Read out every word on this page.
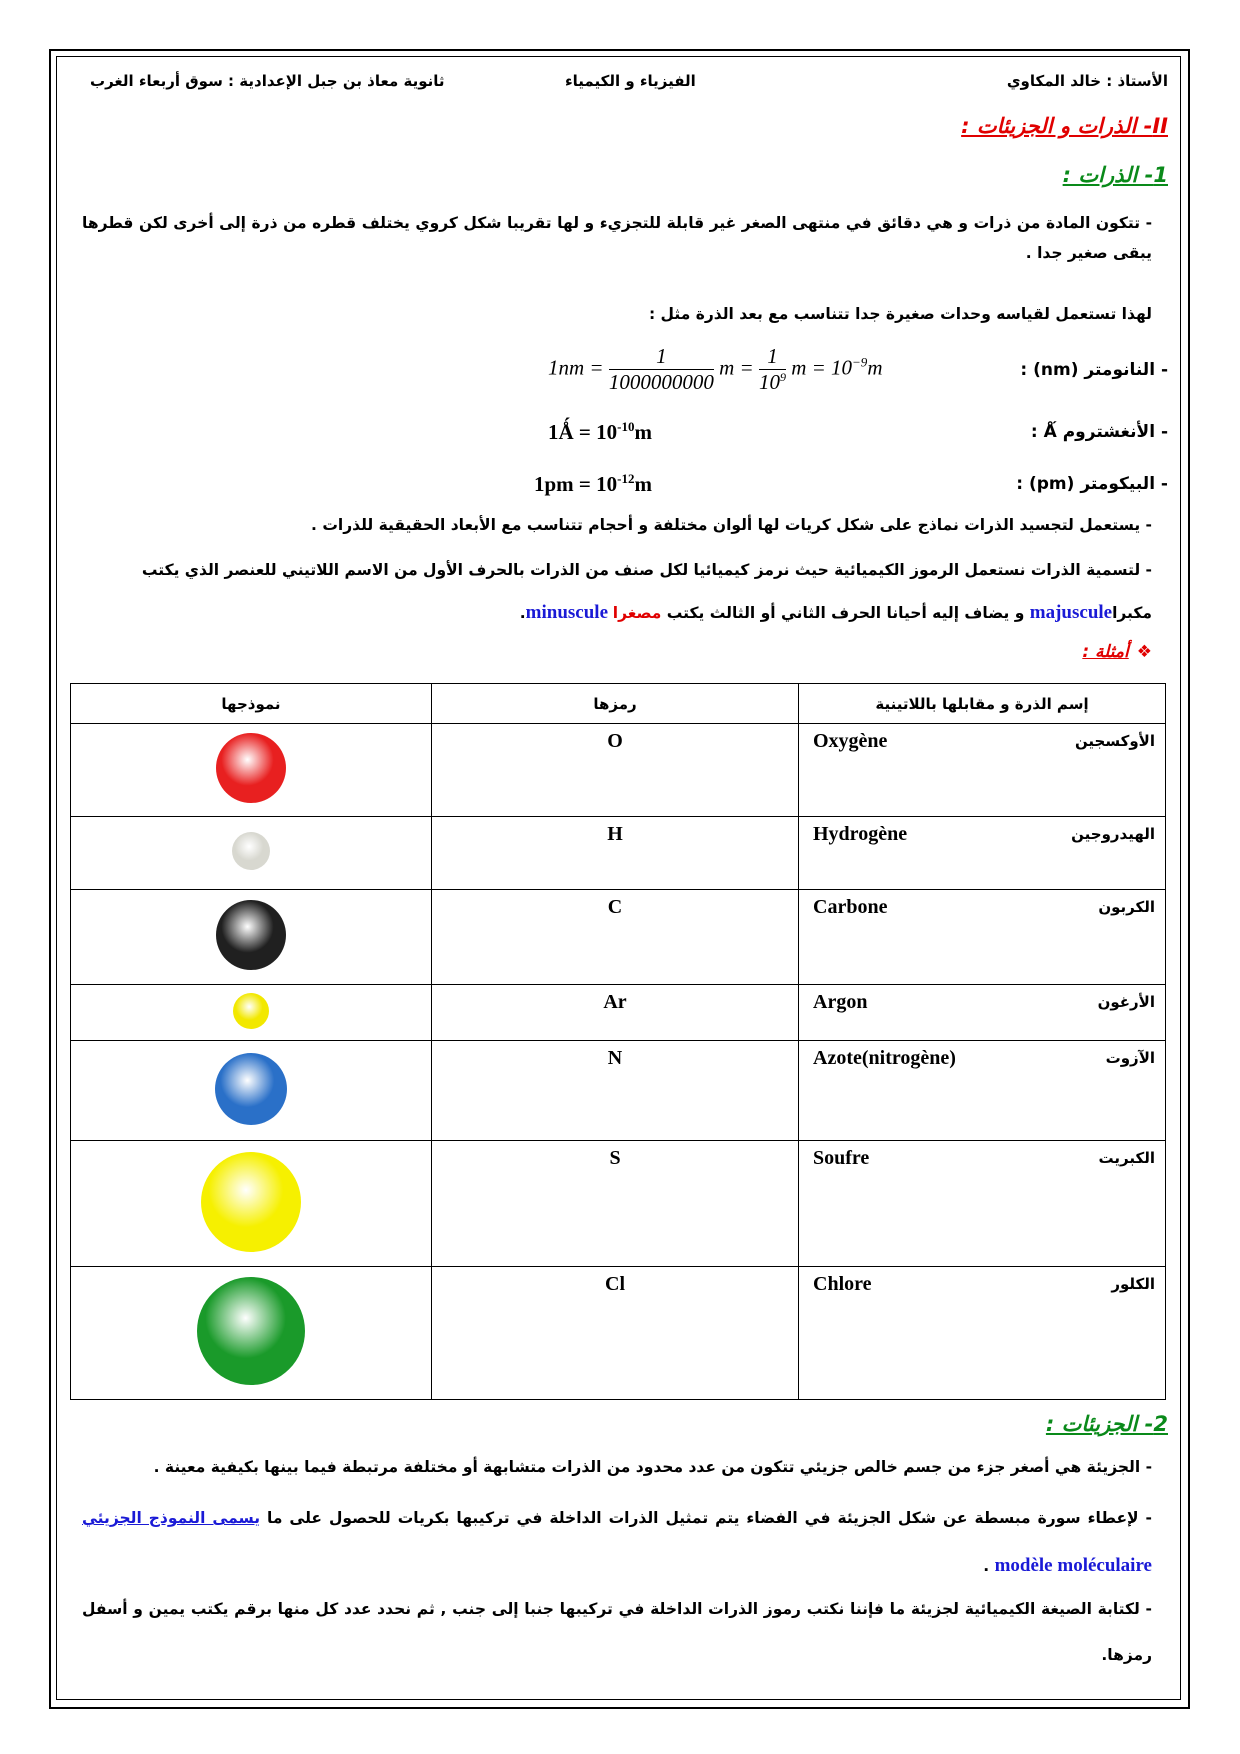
الأستاذ : خالد المكاوي
الفيزياء و الكيمياء
ثانوية معاذ بن جبل الإعدادية : سوق أربعاء الغرب
II- الذرات و الجزيئات :
1- الذرات :
- تتكون المادة من ذرات و هي دقائق في منتهى الصغر غير قابلة للتجزيء و لها تقريبا شكل كروي يختلف قطره من ذرة إلى أخرى لكن قطرها يبقى صغير جدا .
لهذا تستعمل لقياسه وحدات صغيرة جدا تتناسب مع بعد الذرة مثل :
- النانومتر (nm) :
$1nm = \frac{1}{1000000000}$ $m = \frac{1}{10^9}$ $m = 10^{-9}m$
- الأنغشتروم Ǻ :
1Ǻ = $10^{-10}m$
- البيكومتر (pm) :
$1pm = 10^{-12}m$
- يستعمل لتجسيد الذرات نماذج على شكل كريات لها ألوان مختلفة و أحجام تتناسب مع الأبعاد الحقيقية للذرات .
- لتسمية الذرات نستعمل الرموز الكيميائية حيث نرمز كيميائيا لكل صنف من الذرات بالحرف الأول من الاسم اللاتيني للعنصر الذي يكتب
مكبراmajuscule و يضاف إليه أحيانا الحرف الثاني أو الثالث يكتب مصغرا minuscule.
❖أمثلة :
إسم الذرة و مقابلها باللاتينية	رمزها	نموذجها

الأوكسجين
Oxygène	O	

الهيدروجين
Hydrogène	H	

الكربون
Carbone	C	

الأرغون
Argon	Ar	

الآزوت
Azote(nitrogène)	N	

الكبريت
Soufre	S	

الكلور
Chlore	Cl	
2- الجزيئات :
- الجزيئة هي أصغر جزء من جسم خالص جزيئي تتكون من عدد محدود من الذرات متشابهة أو مختلفة مرتبطة فيما بينها بكيفية معينة .
- لإعطاء سورة مبسطة عن شكل الجزيئة في الفضاء يتم تمثيل الذرات الداخلة في تركيبها بكريات للحصول على ما يسمى النموذج الجزيئي modèle moléculaire .
- لكتابة الصيغة الكيميائية لجزيئة ما فإننا نكتب رموز الذرات الداخلة في تركيبها جنبا إلى جنب , ثم نحدد عدد كل منها برقم يكتب يمين و أسفل رمزها.
